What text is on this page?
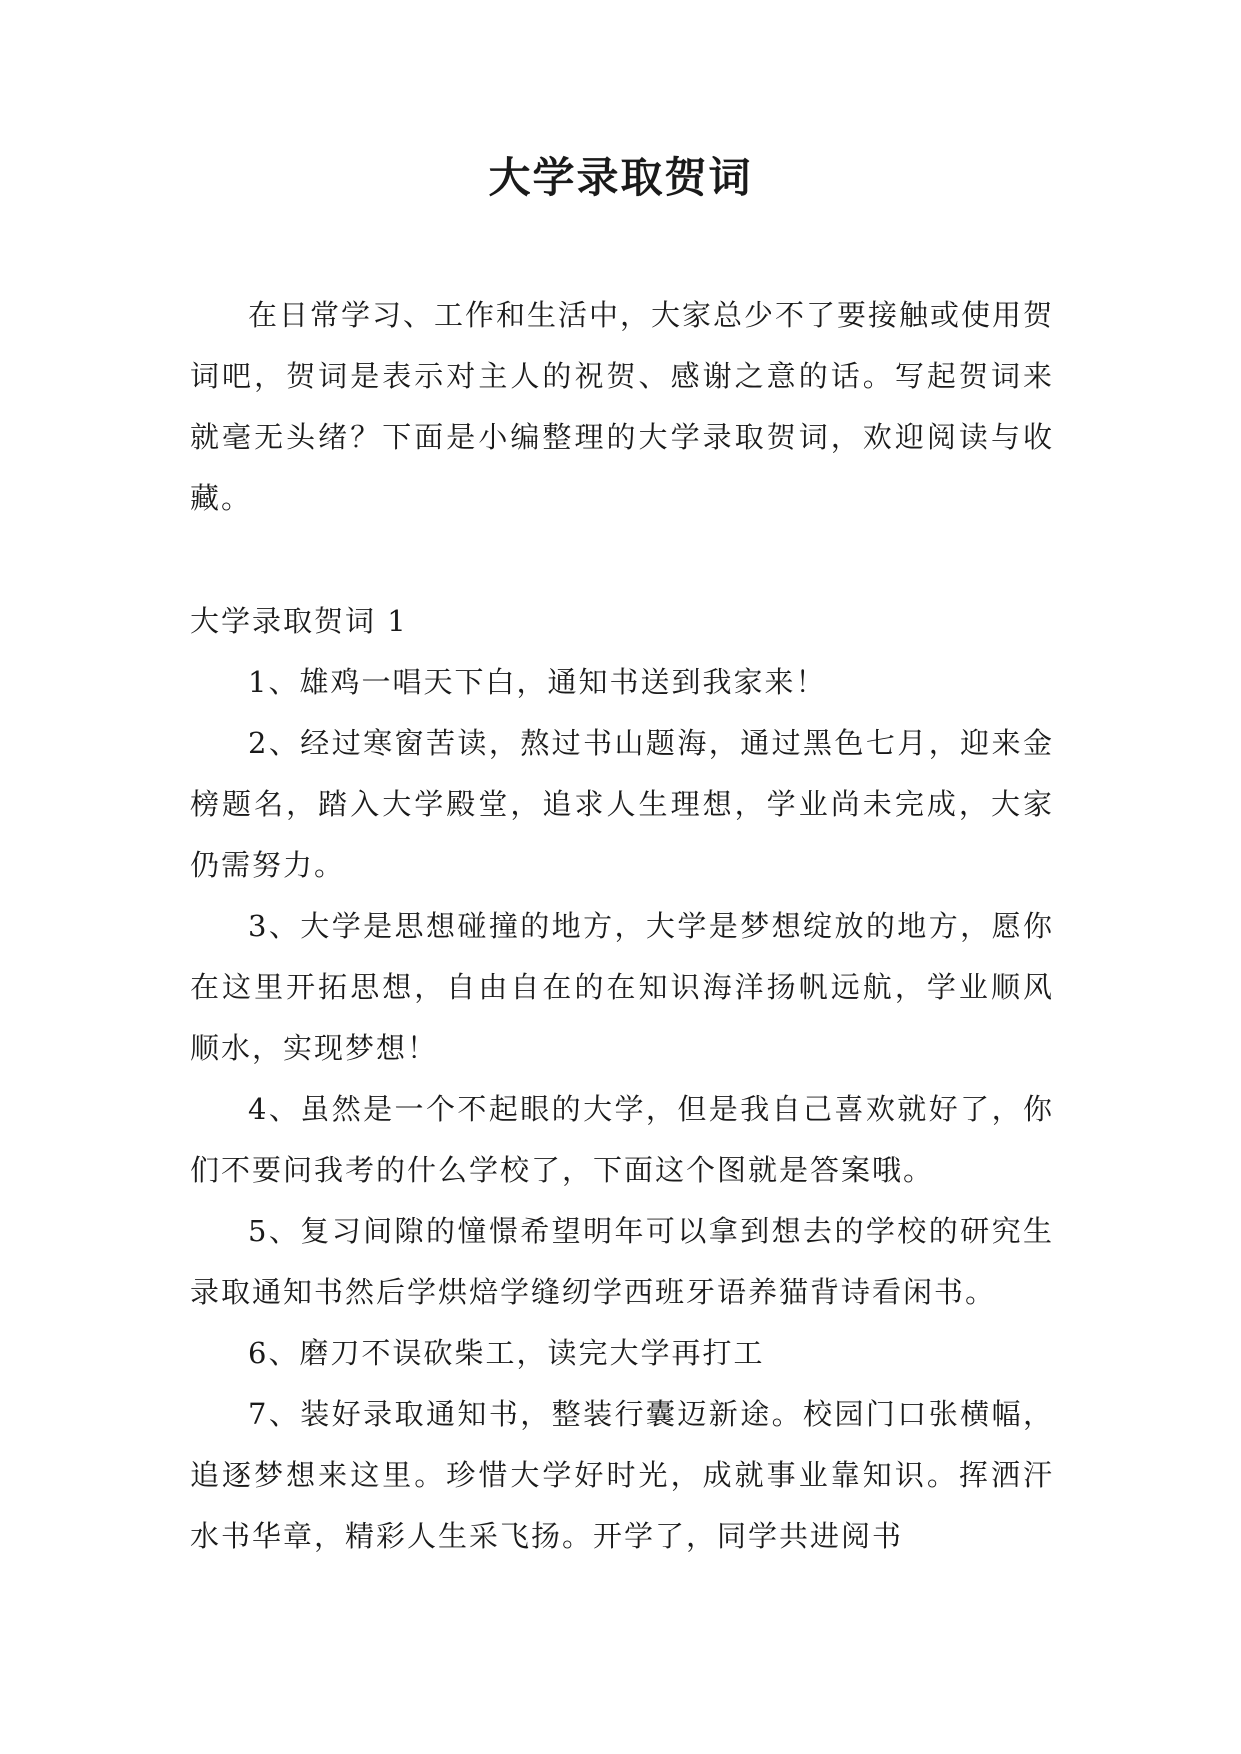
大学录取贺词

在日常学习、工作和生活中，大家总少不了要接触或使用贺词吧，贺词是表示对主人的祝贺、感谢之意的话。写起贺词来就毫无头绪？下面是小编整理的大学录取贺词，欢迎阅读与收藏。

大学录取贺词 1

1、雄鸡一唱天下白，通知书送到我家来！

2、经过寒窗苦读，熬过书山题海，通过黑色七月，迎来金榜题名，踏入大学殿堂，追求人生理想，学业尚未完成，大家仍需努力。

3、大学是思想碰撞的地方，大学是梦想绽放的地方，愿你在这里开拓思想，自由自在的在知识海洋扬帆远航，学业顺风顺水，实现梦想！

4、虽然是一个不起眼的大学，但是我自己喜欢就好了，你们不要问我考的什么学校了，下面这个图就是答案哦。

5、复习间隙的憧憬希望明年可以拿到想去的学校的研究生录取通知书然后学烘焙学缝纫学西班牙语养猫背诗看闲书。

6、磨刀不误砍柴工，读完大学再打工

7、装好录取通知书，整装行囊迈新途。校园门口张横幅，追逐梦想来这里。珍惜大学好时光，成就事业靠知识。挥洒汗水书华章，精彩人生采飞扬。开学了，同学共进阅书
